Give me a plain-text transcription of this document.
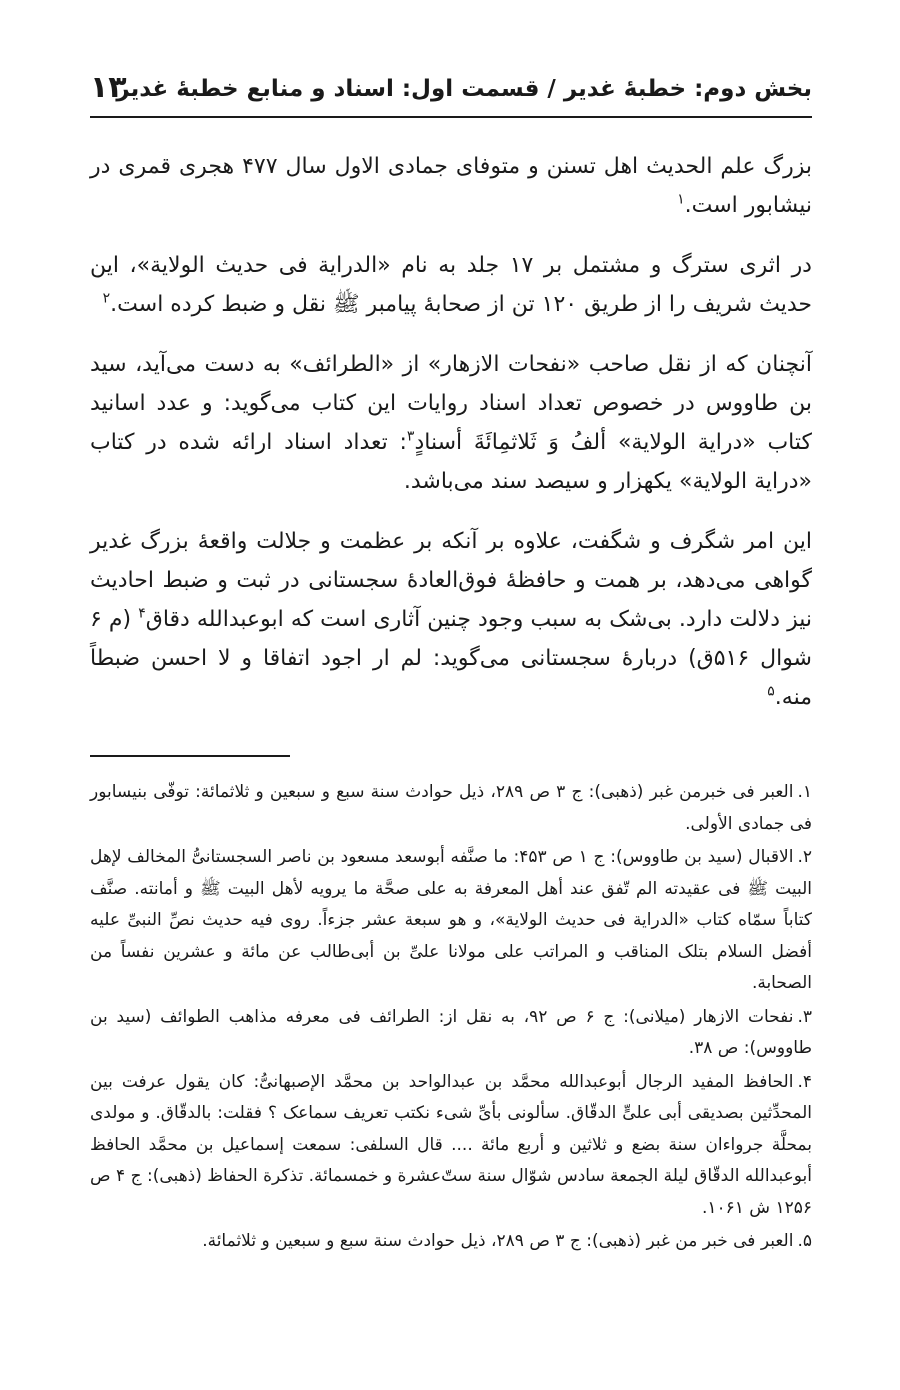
بخش دوم: خطبهٔ غدیر / قسمت اول: اسناد و منابع خطبهٔ غدیر
۱۳

بزرگ علم الحدیث اهل تسنن و متوفای جمادی الاول سال ۴۷۷ هجری قمری در نیشابور است.$^۱$

در اثری سترگ و مشتمل بر ۱۷ جلد به نام «الدرایة فی حدیث الولایة»، این حدیث شریف را از طریق ۱۲۰ تن از صحابهٔ پیامبر ﷺ نقل و ضبط کرده است.$^۲$

آنچنان که از نقل صاحب «نفحات الازهار» از «الطرائف» به دست می‌آید، سید بن طاووس در خصوص تعداد اسناد روایات این کتاب می‌گوید: و عدد اسانید کتاب «درایة الولایة» ألفُ وَ ثَلاثمِائَةَ أسنادٍ$^۳$: تعداد اسناد ارائه شده در کتاب «درایة الولایة» یکهزار و سیصد سند می‌باشد.

این امر شگرف و شگفت، علاوه بر آنکه بر عظمت و جلالت واقعهٔ بزرگ غدیر گواهی می‌دهد، بر همت و حافظهٔ فوق‌العادهٔ سجستانی در ثبت و ضبط احادیث نیز دلالت دارد. بی‌شک به سبب وجود چنین آثاری است که ابوعبدالله دقاق$^۴$ (م ۶ شوال ۵۱۶ق) دربارهٔ سجستانی می‌گوید: لم ار اجود اتفاقا و لا احسن ضبطاً منه.$^۵$

۱.العبر فی خبرمن غبر (ذهبی): ج ۳ ص ۲۸۹، ذیل حوادث سنة سبع و سبعین و ثلاثمائة: توفّی بنیسابور فی جمادی الأولی.

۲.الاقبال (سید بن طاووس): ج ۱ ص ۴۵۳: ما صنَّفه أبوسعد مسعود بن ناصر السجستانیُّ المخالف لإهل البیت ﷺ فی عقیدته الم تّفق عند أهل المعرفة به علی صحَّة ما یرویه لأهل البیت ﷺ و أمانته. صنَّف کتاباً سمّاه کتاب «الدرایة فی حدیث الولایة»، و هو سبعة عشر جزءاً. روی فیه حدیث نصِّ النبیِّ علیه أفضل السلام بتلک المناقب و المراتب علی مولانا علیِّ بن أبی‌طالب عن مائة و عشرین نفساً من الصحابة.

۳.نفحات الازهار (میلانی): ج ۶ ص ۹۲، به نقل از: الطرائف فی معرفه مذاهب الطوائف (سید بن طاووس): ص ۳۸.

۴.الحافظ المفید الرجال أبوعبدالله محمَّد بن عبدالواحد بن محمَّد الإصبهانیُّ: کان یقول عرفت بین المحدِّثین بصدیقی أبی علیٍّ الدقّاق. سألونی بأیِّ شیء نکتب تعریف سماعک ؟ فقلت: بالدقّاق. و مولدی بمحلَّة جرواءان سنة بضع و ثلاثین و أربع مائة .... قال السلفی: سمعت إسماعیل بن محمَّد الحافظ أبوعبدالله الدقّاق لیلة الجمعة سادس شوّال سنة ستّ‌عشرة و خمسمائة. تذکرة الحفاظ (ذهبی): ج ۴ ص ۱۲۵۶ ش ۱۰۶۱.

۵.العبر فی خبر من غبر (ذهبی): ج ۳ ص ۲۸۹، ذیل حوادث سنة سبع و سبعین و ثلاثمائة.
